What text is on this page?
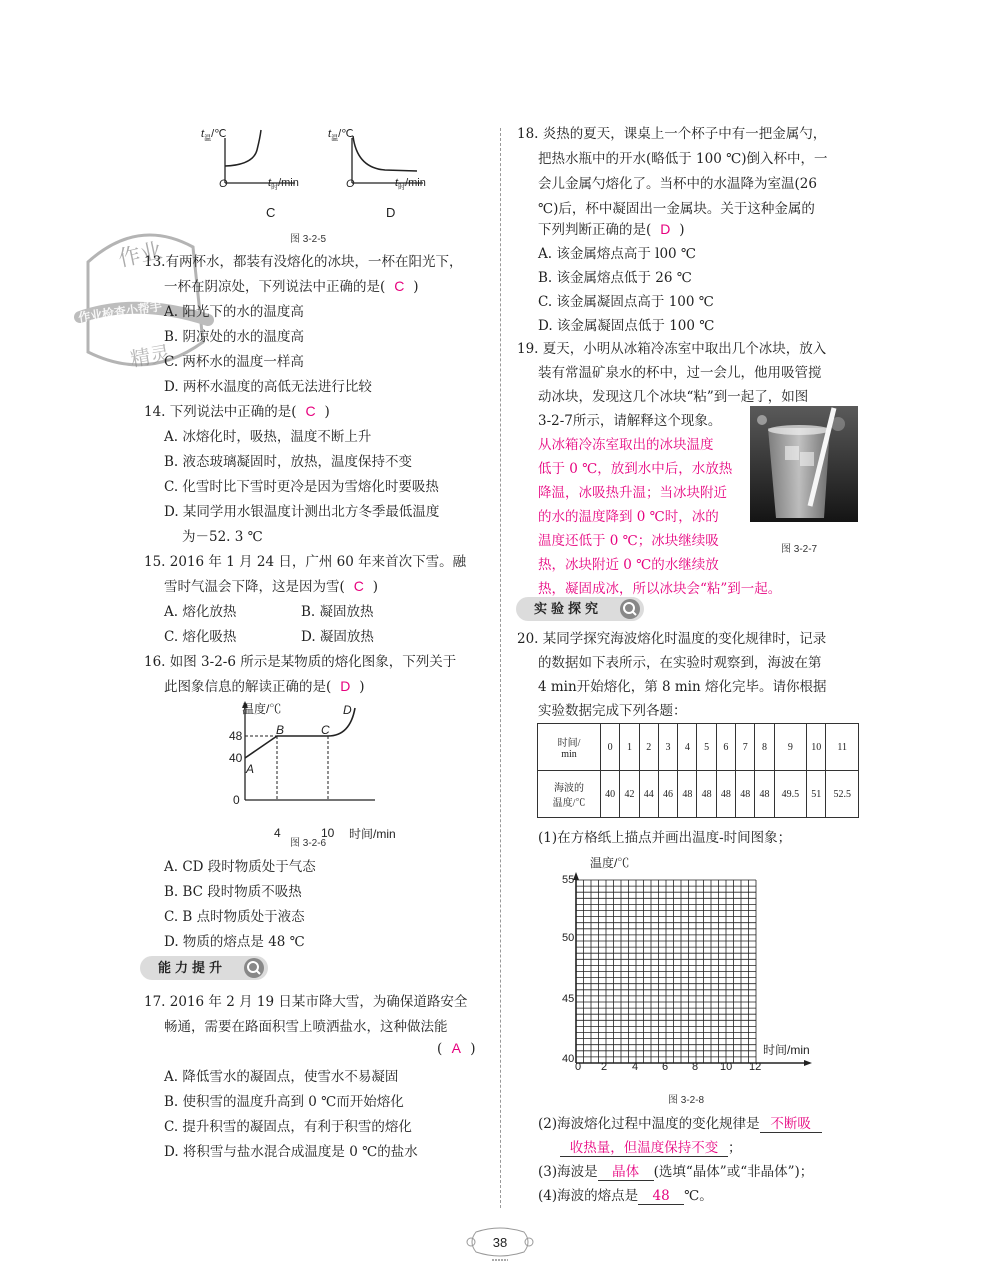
$t_温/℃$	$t_温/℃$
O	O
$t_时/\min$	$t_时/\min$
C	D
图 3-2-5
作业
作业检查小帮手
精灵
13.有两杯水，都装有没熔化的冰块，一杯在阳光下，
一杯在阴凉处，下列说法中正确的是( C )
A. 阳光下的水的温度高
B. 阴凉处的水的温度高
C. 两杯水的温度一样高
D. 两杯水温度的高低无法进行比较
14. 下列说法中正确的是( C )
A. 冰熔化时，吸热，温度不断上升
B. 液态玻璃凝固时，放热，温度保持不变
C. 化雪时比下雪时更冷是因为雪熔化时要吸热
D. 某同学用水银温度计测出北方冬季最低温度
为－52. 3 ℃
15. 2016 年 1 月 24 日，广州 60 年来首次下雪。融
雪时气温会下降，这是因为雪( C )
A. 熔化放热	B. 凝固放热
C. 熔化吸热	D. 凝固放热
16. 如图 3-2-6 所示是某物质的熔化图象，下列关于
此图象信息的解读正确的是( D )
温度/℃
时间/min
48
40
0
4	10
A
B	C
D
图 3-2-6
A. CD 段时物质处于气态
B. BC 段时物质不吸热
C. B 点时物质处于液态
D. 物质的熔点是 48 ℃
能力提升
17. 2016 年 2 月 19 日某市降大雪，为确保道路安全
畅通，需要在路面积雪上喷洒盐水，这种做法能
( A )
A. 降低雪水的凝固点，使雪水不易凝固
B. 使积雪的温度升高到 0 ℃而开始熔化
C. 提升积雪的凝固点，有利于积雪的熔化
D. 将积雪与盐水混合成温度是 0 ℃的盐水
18. 炎热的夏天，课桌上一个杯子中有一把金属勺，
把热水瓶中的开水(略低于 100 ℃)倒入杯中，一
会儿金属勺熔化了。当杯中的水温降为室温(26
℃)后，杯中凝固出一金属块。关于这种金属的
下列判断正确的是( D )
A. 该金属熔点高于 l00 ℃
B. 该金属熔点低于 26 ℃
C. 该金属凝固点高于 100 ℃
D. 该金属凝固点低于 100 ℃
19. 夏天，小明从冰箱冷冻室中取出几个冰块，放入
装有常温矿泉水的杯中，过一会儿，他用吸管搅
动冰块，发现这几个冰块“粘”到一起了，如图
3-2-7所示，请解释这个现象。
从冰箱冷冻室取出的冰块温度
低于 0 ℃，放到水中后，水放热
降温，冰吸热升温；当冰块附近
的水的温度降到 0 ℃时，冰的
温度还低于 0 ℃；冰块继续吸
热，冰块附近 0 ℃的水继续放
热，凝固成冰，所以冰块会“粘”到一起。
图 3-2-7
实验探究
20. 某同学探究海波熔化时温度的变化规律时，记录
的数据如下表所示，在实验时观察到，海波在第
4 min开始熔化，第 8 min 熔化完毕。请你根据
实验数据完成下列各题：
时间/
min	0	1	2	3	4	5	6	7	8	9	10	11
海波的
温度/℃	40	42	44	46	48	48	48	48	48	49.5	51	52.5
(1)在方格纸上描点并画出温度-时间图象；
温度/℃
55
50
45
40
0 2 4 6 8 10 12
时间/min
图 3-2-8
(2)海波熔化过程中温度的变化规律是 不断吸
收热量，但温度保持不变 ；
(3)海波是 晶体 (选填“晶体”或“非晶体”)；
(4)海波的熔点是 48 ℃。
38
